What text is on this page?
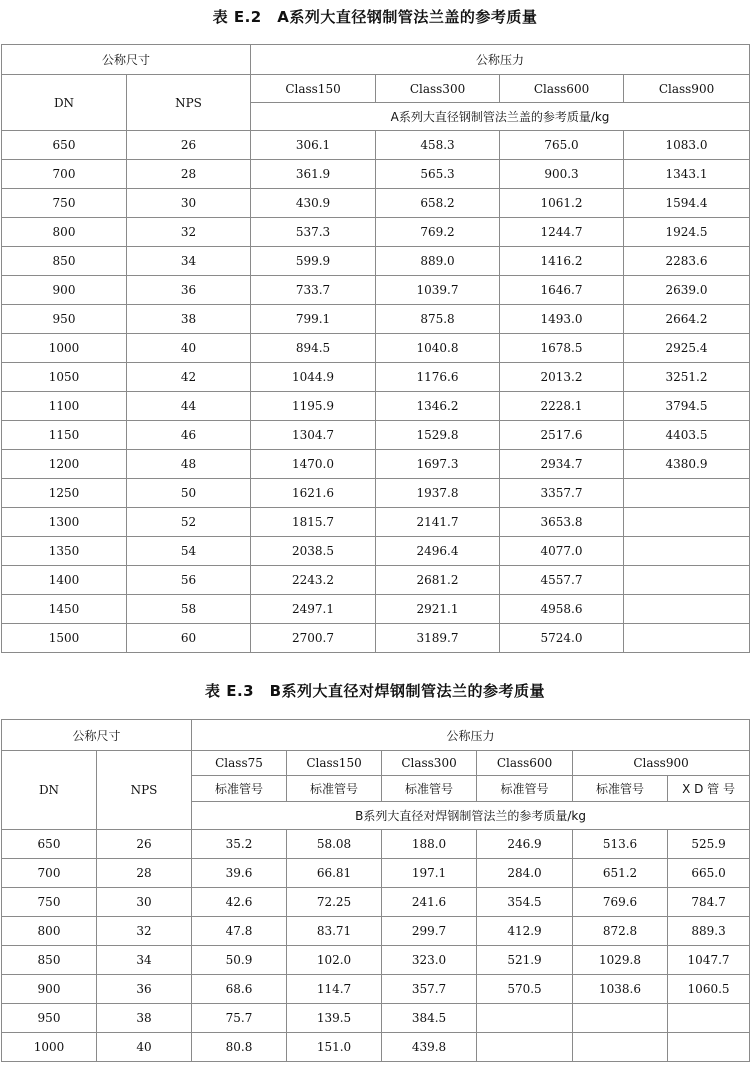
表 E.2　A系列大直径钢制管法兰盖的参考质量
公称尺寸		公称压力			
DN	NPS	Class150	Class300	Class600	Class900
		A系列大直径钢制管法兰盖的参考质量/kg			
650	26	306.1	458.3	765.0	1083.0
700	28	361.9	565.3	900.3	1343.1
750	30	430.9	658.2	1061.2	1594.4
800	32	537.3	769.2	1244.7	1924.5
850	34	599.9	889.0	1416.2	2283.6
900	36	733.7	1039.7	1646.7	2639.0
950	38	799.1	875.8	1493.0	2664.2
1000	40	894.5	1040.8	1678.5	2925.4
1050	42	1044.9	1176.6	2013.2	3251.2
1100	44	1195.9	1346.2	2228.1	3794.5
1150	46	1304.7	1529.8	2517.6	4403.5
1200	48	1470.0	1697.3	2934.7	4380.9
1250	50	1621.6	1937.8	3357.7	
1300	52	1815.7	2141.7	3653.8	
1350	54	2038.5	2496.4	4077.0	
1400	56	2243.2	2681.2	4557.7	
1450	58	2497.1	2921.1	4958.6	
1500	60	2700.7	3189.7	5724.0	
表 E.3　B系列大直径对焊钢制管法兰的参考质量
公称尺寸		公称压力					
DN	NPS	Class75	Class150	Class300	Class600	Class900	
		标准管号	标准管号	标准管号	标准管号	标准管号	X D 管 号
		B系列大直径对焊钢制管法兰的参考质量/kg					
650	26	35.2	58.08	188.0	246.9	513.6	525.9
700	28	39.6	66.81	197.1	284.0	651.2	665.0
750	30	42.6	72.25	241.6	354.5	769.6	784.7
800	32	47.8	83.71	299.7	412.9	872.8	889.3
850	34	50.9	102.0	323.0	521.9	1029.8	1047.7
900	36	68.6	114.7	357.7	570.5	1038.6	1060.5
950	38	75.7	139.5	384.5			
1000	40	80.8	151.0	439.8			
